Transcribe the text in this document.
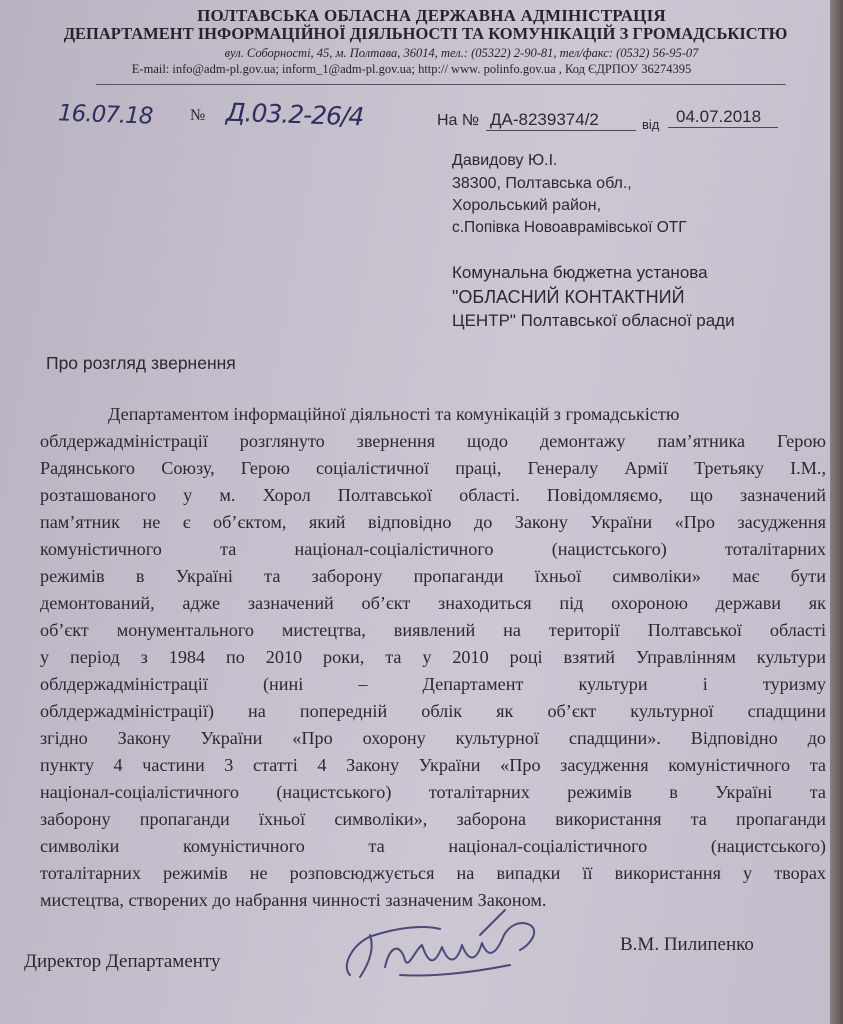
ПОЛТАВСЬКА ОБЛАСНА ДЕРЖАВНА АДМІНІСТРАЦІЯ
ДЕПАРТАМЕНТ ІНФОРМАЦІЙНОЇ ДІЯЛЬНОСТІ ТА КОМУНІКАЦІЙ З ГРОМАДСЬКІСТЮ
вул. Соборності, 45, м. Полтава, 36014, тел.: (05322) 2-90-81, тел/факс: (0532) 56-95-07
E-mail: info@adm-pl.gov.ua; inform_1@adm-pl.gov.ua; http:// www. polinfo.gov.ua , Код ЄДРПОУ 36274395
16.07.18 № Д.03.2-26/4	На № ДА-8239374/2	від 04.07.2018
Давидову Ю.І.
38300, Полтавська обл.,
Хорольський район,
с.Попівка Новоаврамівської ОТГ
Комунальна бюджетна установа
"ОБЛАСНИЙ КОНТАКТНИЙ
ЦЕНТР" Полтавської обласної ради
Про розгляд звернення
Департаментом інформаційної діяльності та комунікацій з громадськістю
облдержадміністрації розглянуто звернення щодо демонтажу пам’ятника Герою
Радянського Союзу, Герою соціалістичної праці, Генералу Армії Третьяку І.М.,
розташованого у м. Хорол Полтавської області. Повідомляємо, що зазначений
пам’ятник не є об’єктом, який відповідно до Закону України «Про засудження
комуністичного та націонал-соціалістичного (нацистського) тоталітарних
режимів в Україні та заборону пропаганди їхньої символіки» має бути
демонтований, адже зазначений об’єкт знаходиться під охороною держави як
об’єкт монументального мистецтва, виявлений на території Полтавської області
у період з 1984 по 2010 роки, та у 2010 році взятий Управлінням культури
облдержадміністрації (нині – Департамент культури і туризму
облдержадміністрації) на попередній облік як об’єкт культурної спадщини
згідно Закону України «Про охорону культурної спадщини». Відповідно до
пункту 4 частини 3 статті 4 Закону України «Про засудження комуністичного та
націонал-соціалістичного (нацистського) тоталітарних режимів в Україні та
заборону пропаганди їхньої символіки», заборона використання та пропаганди
символіки комуністичного та націонал-соціалістичного (нацистського)
тоталітарних режимів не розповсюджується на випадки її використання у творах
мистецтва, створених до набрання чинності зазначеним Законом.
Директор Департаменту
В.М. Пилипенко
